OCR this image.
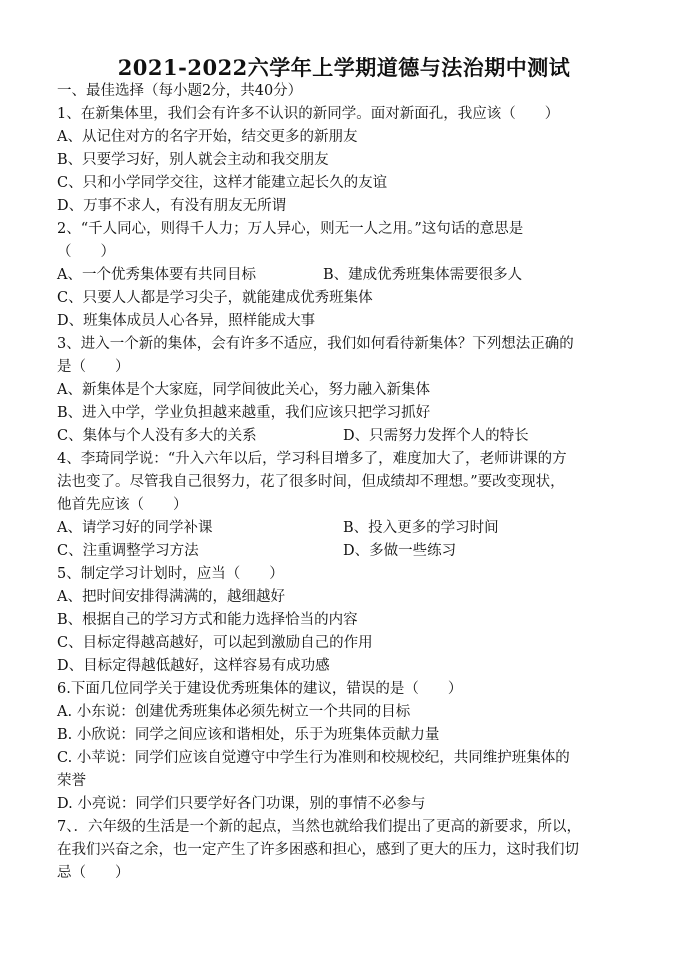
2021-2022六学年上学期道德与法治期中测试
一、最佳选择（每小题2分，共40分）
1、在新集体里，我们会有许多不认识的新同学。面对新面孔，我应该（　　）
A、从记住对方的名字开始，结交更多的新朋友
B、只要学习好，别人就会主动和我交朋友
C、只和小学同学交往，这样才能建立起长久的友谊
D、万事不求人，有没有朋友无所谓
2、“千人同心，则得千人力；万人异心，则无一人之用。”这句话的意思是
（　　）
A、一个优秀集体要有共同目标	B、建成优秀班集体需要很多人
C、只要人人都是学习尖子，就能建成优秀班集体
D、班集体成员人心各异，照样能成大事
3、进入一个新的集体，会有许多不适应，我们如何看待新集体？下列想法正确的
是（　　）
A、新集体是个大家庭，同学间彼此关心，努力融入新集体
B、进入中学，学业负担越来越重，我们应该只把学习抓好
C、集体与个人没有多大的关系	D、只需努力发挥个人的特长
4、李琦同学说：“升入六年以后，学习科目增多了，难度加大了，老师讲课的方
法也变了。尽管我自己很努力，花了很多时间，但成绩却不理想。”要改变现状，
他首先应该（　　）
A、请学习好的同学补课	B、投入更多的学习时间
C、注重调整学习方法	D、多做一些练习
5、制定学习计划时，应当（　　）
A、把时间安排得满满的，越细越好
B、根据自己的学习方式和能力选择恰当的内容
C、目标定得越高越好，可以起到激励自己的作用
D、目标定得越低越好，这样容易有成功感
6.下面几位同学关于建设优秀班集体的建议，错误的是（　　）
A. 小东说：创建优秀班集体必须先树立一个共同的目标
B. 小欣说：同学之间应该和谐相处，乐于为班集体贡献力量
C. 小苹说：同学们应该自觉遵守中学生行为准则和校规校纪，共同维护班集体的
荣誉
D. 小亮说：同学们只要学好各门功课，别的事情不必参与
7、．六年级的生活是一个新的起点，当然也就给我们提出了更高的新要求，所以，
在我们兴奋之余，也一定产生了许多困惑和担心，感到了更大的压力，这时我们切
忌（　　）
